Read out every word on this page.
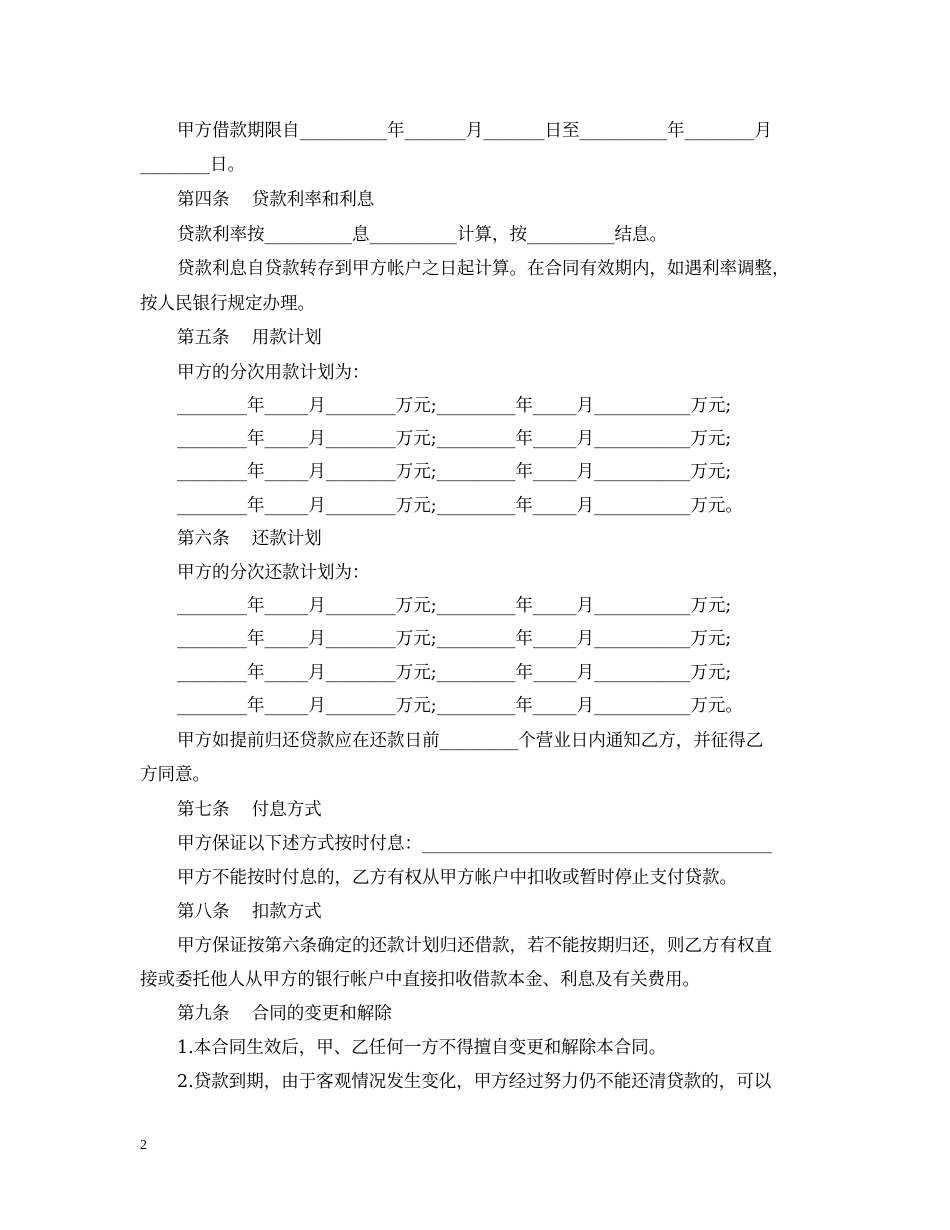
甲方借款期限自__________年_______月_______日至__________年________月
________日。
第四条    贷款利率和利息
贷款利率按__________息__________计算，按__________结息。
贷款利息自贷款转存到甲方帐户之日起计算。在合同有效期内，如遇利率调整，
按人民银行规定办理。
第五条    用款计划
甲方的分次用款计划为：
________年_____月________万元;_________年_____月___________万元;
________年_____月________万元;_________年_____月___________万元;
________年_____月________万元;_________年_____月___________万元;
________年_____月________万元;_________年_____月___________万元。
第六条    还款计划
甲方的分次还款计划为：
________年_____月________万元;_________年_____月___________万元;
________年_____月________万元;_________年_____月___________万元;
________年_____月________万元;_________年_____月___________万元;
________年_____月________万元;_________年_____月___________万元。
甲方如提前归还贷款应在还款日前_________个营业日内通知乙方，并征得乙
方同意。
第七条    付息方式
甲方保证以下述方式按时付息：________________________________________
甲方不能按时付息的，乙方有权从甲方帐户中扣收或暂时停止支付贷款。
第八条    扣款方式
甲方保证按第六条确定的还款计划归还借款，若不能按期归还，则乙方有权直
接或委托他人从甲方的银行帐户中直接扣收借款本金、利息及有关费用。
第九条    合同的变更和解除
1.本合同生效后，甲、乙任何一方不得擅自变更和解除本合同。
2.贷款到期，由于客观情况发生变化，甲方经过努力仍不能还清贷款的，可以
2
